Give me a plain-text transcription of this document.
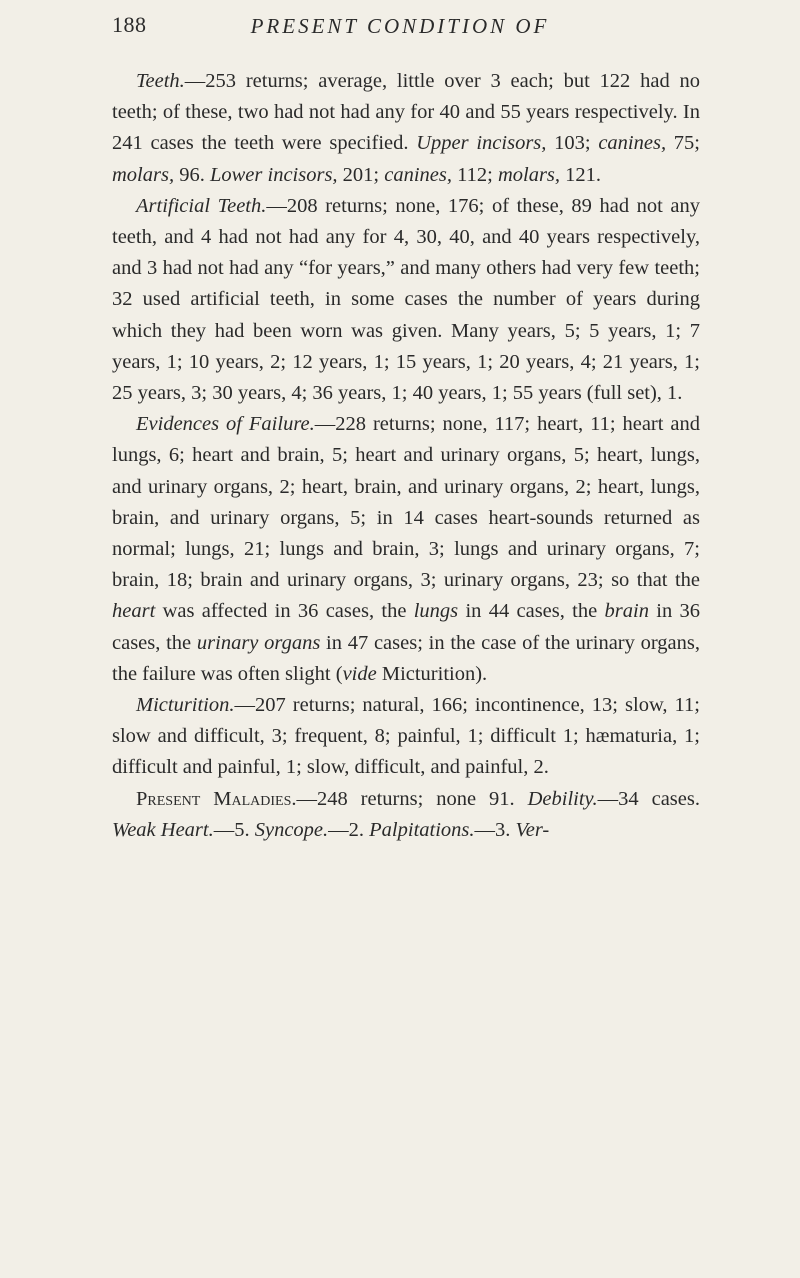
188	PRESENT CONDITION OF

Teeth.—253 returns; average, little over 3 each; but 122 had no teeth; of these, two had not had any for 40 and 55 years respectively. In 241 cases the teeth were specified. Upper incisors, 103; canines, 75; molars, 96. Lower incisors, 201; canines, 112; molars, 121.

Artificial Teeth.—208 returns; none, 176; of these, 89 had not any teeth, and 4 had not had any for 4, 30, 40, and 40 years respectively, and 3 had not had any “for years,” and many others had very few teeth; 32 used artificial teeth, in some cases the number of years during which they had been worn was given. Many years, 5; 5 years, 1; 7 years, 1; 10 years, 2; 12 years, 1; 15 years, 1; 20 years, 4; 21 years, 1; 25 years, 3; 30 years, 4; 36 years, 1; 40 years, 1; 55 years (full set), 1.

Evidences of Failure.—228 returns; none, 117; heart, 11; heart and lungs, 6; heart and brain, 5; heart and urinary organs, 5; heart, lungs, and urinary organs, 2; heart, brain, and urinary organs, 2; heart, lungs, brain, and urinary organs, 5; in 14 cases heart-sounds returned as normal; lungs, 21; lungs and brain, 3; lungs and urinary organs, 7; brain, 18; brain and urinary organs, 3; urinary organs, 23; so that the heart was affected in 36 cases, the lungs in 44 cases, the brain in 36 cases, the urinary organs in 47 cases; in the case of the urinary organs, the failure was often slight (vide Micturition).

Micturition.—207 returns; natural, 166; incontinence, 13; slow, 11; slow and difficult, 3; frequent, 8; painful, 1; difficult 1; hæmaturia, 1; difficult and painful, 1; slow, difficult, and painful, 2.

Present Maladies.—248 returns; none 91. Debility.—34 cases. Weak Heart.—5. Syncope.—2. Palpitations.—3. Ver-
